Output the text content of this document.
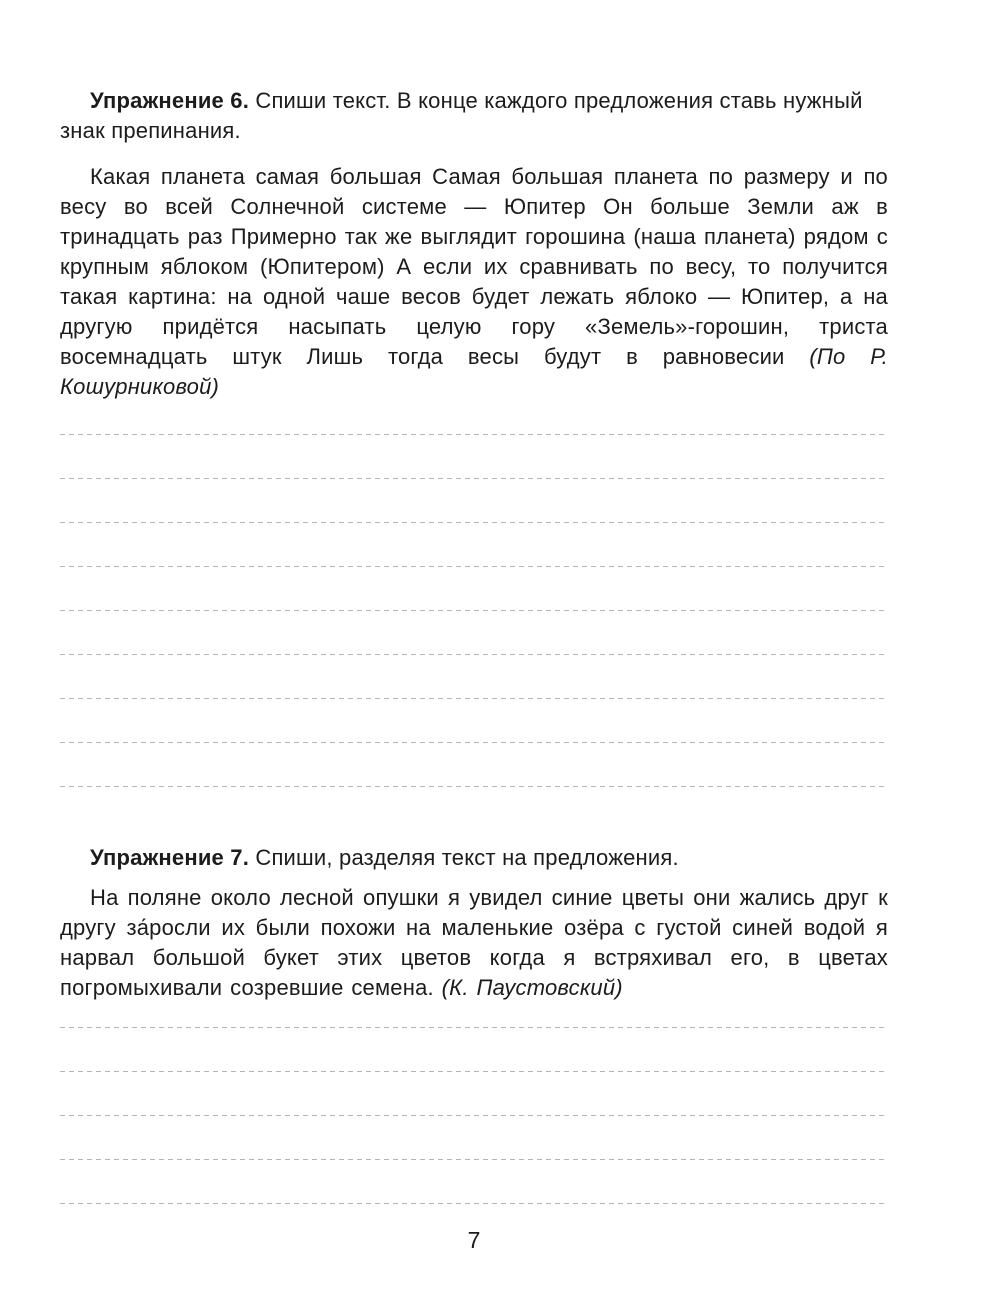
Упражнение 6. Спиши текст. В конце каждого предложения ставь нужный знак препинания.

Какая планета самая большая Самая большая планета по размеру и по весу во всей Солнечной системе — Юпитер Он больше Земли аж в тринадцать раз Примерно так же выглядит горошина (наша планета) рядом с крупным яблоком (Юпитером) А если их сравнивать по весу, то получится такая картина: на одной чаше весов будет лежать яблоко — Юпитер, а на другую придётся насыпать целую гору «Земель»-горошин, триста восемнадцать штук Лишь тогда весы будут в равновесии (По Р. Кошурниковой)

Упражнение 7. Спиши, разделяя текст на предложения.

На поляне около лесной опушки я увидел синие цветы они жались друг к другу за́росли их были похожи на маленькие озёра с густой синей водой я нарвал большой букет этих цветов когда я встряхивал его, в цветах погромыхивали созревшие семена. (К. Паустовский)

7
